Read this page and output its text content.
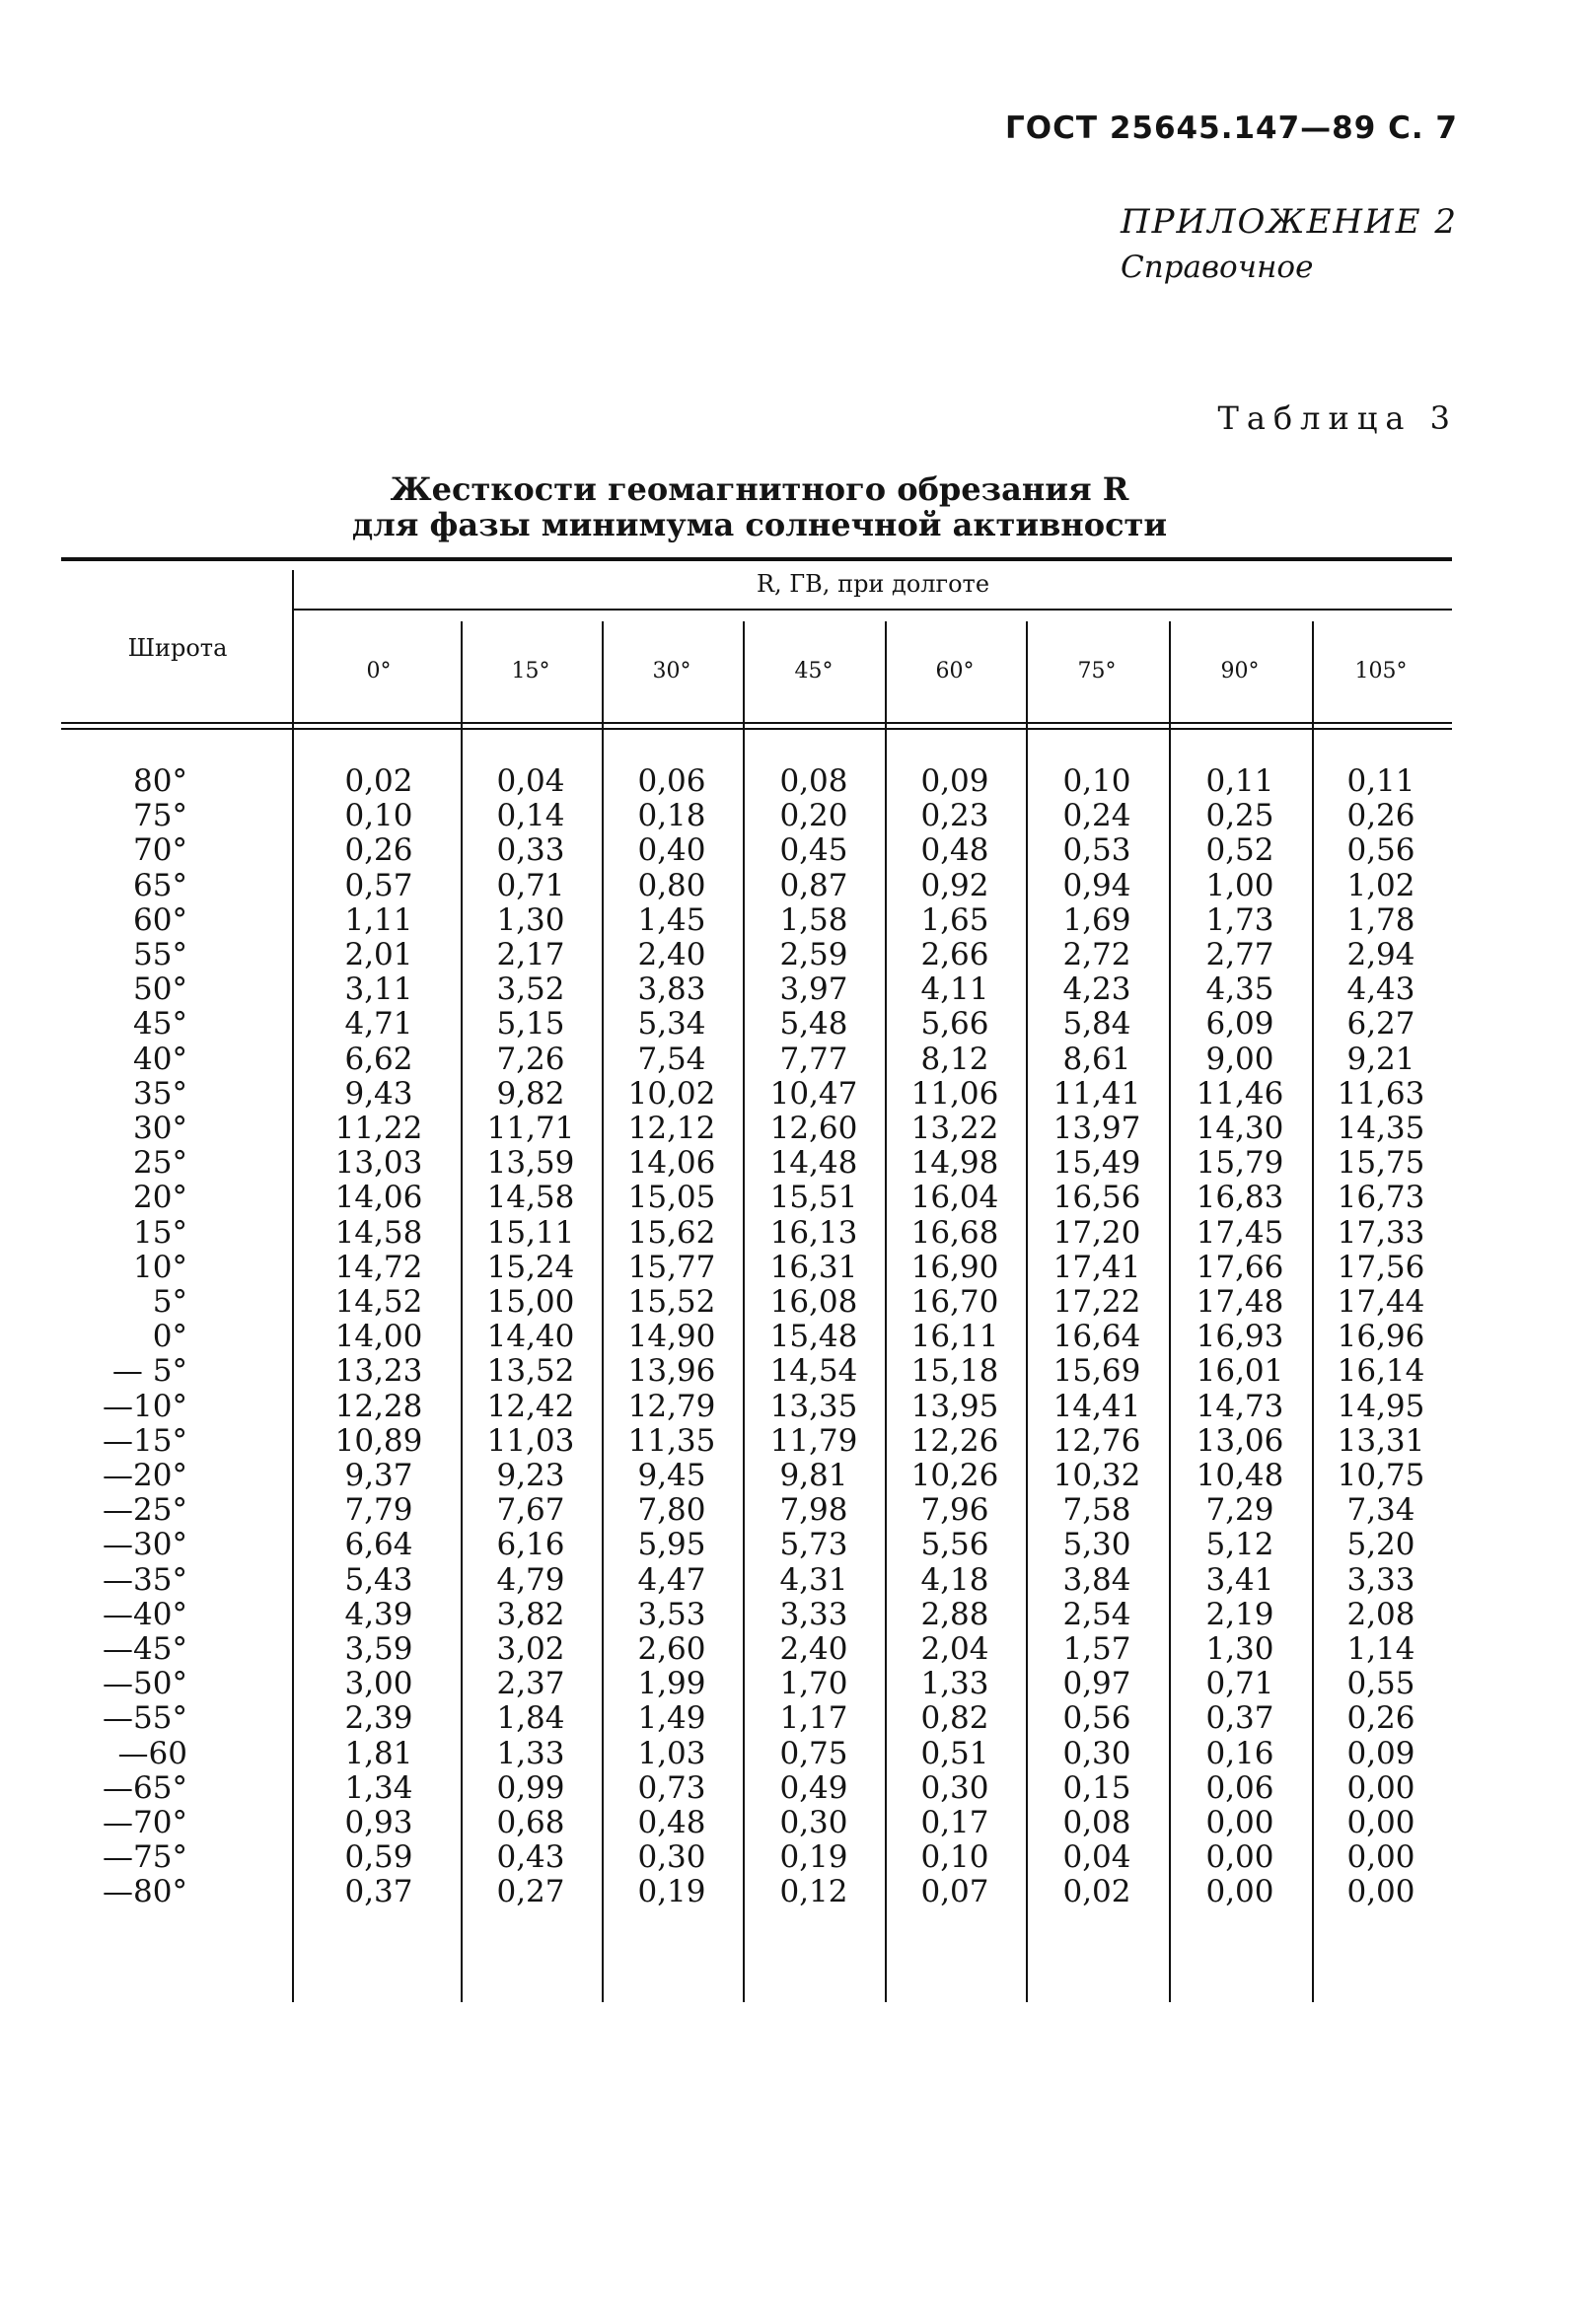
ГОСТ 25645.147—89 С. 7
ПРИЛОЖЕНИЕ 2
Справочное
Таблица 3
Жесткости геомагнитного обрезания R
для фазы минимума солнечной активности
Широта
R, ГВ, при долготе
0°	15°	30°	45°	60°	75°	90°	105°
80°	0,02	0,04	0,06	0,08	0,09	0,10	0,11	0,11
75°	0,10	0,14	0,18	0,20	0,23	0,24	0,25	0,26
70°	0,26	0,33	0,40	0,45	0,48	0,53	0,52	0,56
65°	0,57	0,71	0,80	0,87	0,92	0,94	1,00	1,02
60°	1,11	1,30	1,45	1,58	1,65	1,69	1,73	1,78
55°	2,01	2,17	2,40	2,59	2,66	2,72	2,77	2,94
50°	3,11	3,52	3,83	3,97	4,11	4,23	4,35	4,43
45°	4,71	5,15	5,34	5,48	5,66	5,84	6,09	6,27
40°	6,62	7,26	7,54	7,77	8,12	8,61	9,00	9,21
35°	9,43	9,82	10,02	10,47	11,06	11,41	11,46	11,63
30°	11,22	11,71	12,12	12,60	13,22	13,97	14,30	14,35
25°	13,03	13,59	14,06	14,48	14,98	15,49	15,79	15,75
20°	14,06	14,58	15,05	15,51	16,04	16,56	16,83	16,73
15°	14,58	15,11	15,62	16,13	16,68	17,20	17,45	17,33
10°	14,72	15,24	15,77	16,31	16,90	17,41	17,66	17,56
5°	14,52	15,00	15,52	16,08	16,70	17,22	17,48	17,44
0°	14,00	14,40	14,90	15,48	16,11	16,64	16,93	16,96
— 5°	13,23	13,52	13,96	14,54	15,18	15,69	16,01	16,14
—10°	12,28	12,42	12,79	13,35	13,95	14,41	14,73	14,95
—15°	10,89	11,03	11,35	11,79	12,26	12,76	13,06	13,31
—20°	9,37	9,23	9,45	9,81	10,26	10,32	10,48	10,75
—25°	7,79	7,67	7,80	7,98	7,96	7,58	7,29	7,34
—30°	6,64	6,16	5,95	5,73	5,56	5,30	5,12	5,20
—35°	5,43	4,79	4,47	4,31	4,18	3,84	3,41	3,33
—40°	4,39	3,82	3,53	3,33	2,88	2,54	2,19	2,08
—45°	3,59	3,02	2,60	2,40	2,04	1,57	1,30	1,14
—50°	3,00	2,37	1,99	1,70	1,33	0,97	0,71	0,55
—55°	2,39	1,84	1,49	1,17	0,82	0,56	0,37	0,26
—60	1,81	1,33	1,03	0,75	0,51	0,30	0,16	0,09
—65°	1,34	0,99	0,73	0,49	0,30	0,15	0,06	0,00
—70°	0,93	0,68	0,48	0,30	0,17	0,08	0,00	0,00
—75°	0,59	0,43	0,30	0,19	0,10	0,04	0,00	0,00
—80°	0,37	0,27	0,19	0,12	0,07	0,02	0,00	0,00
